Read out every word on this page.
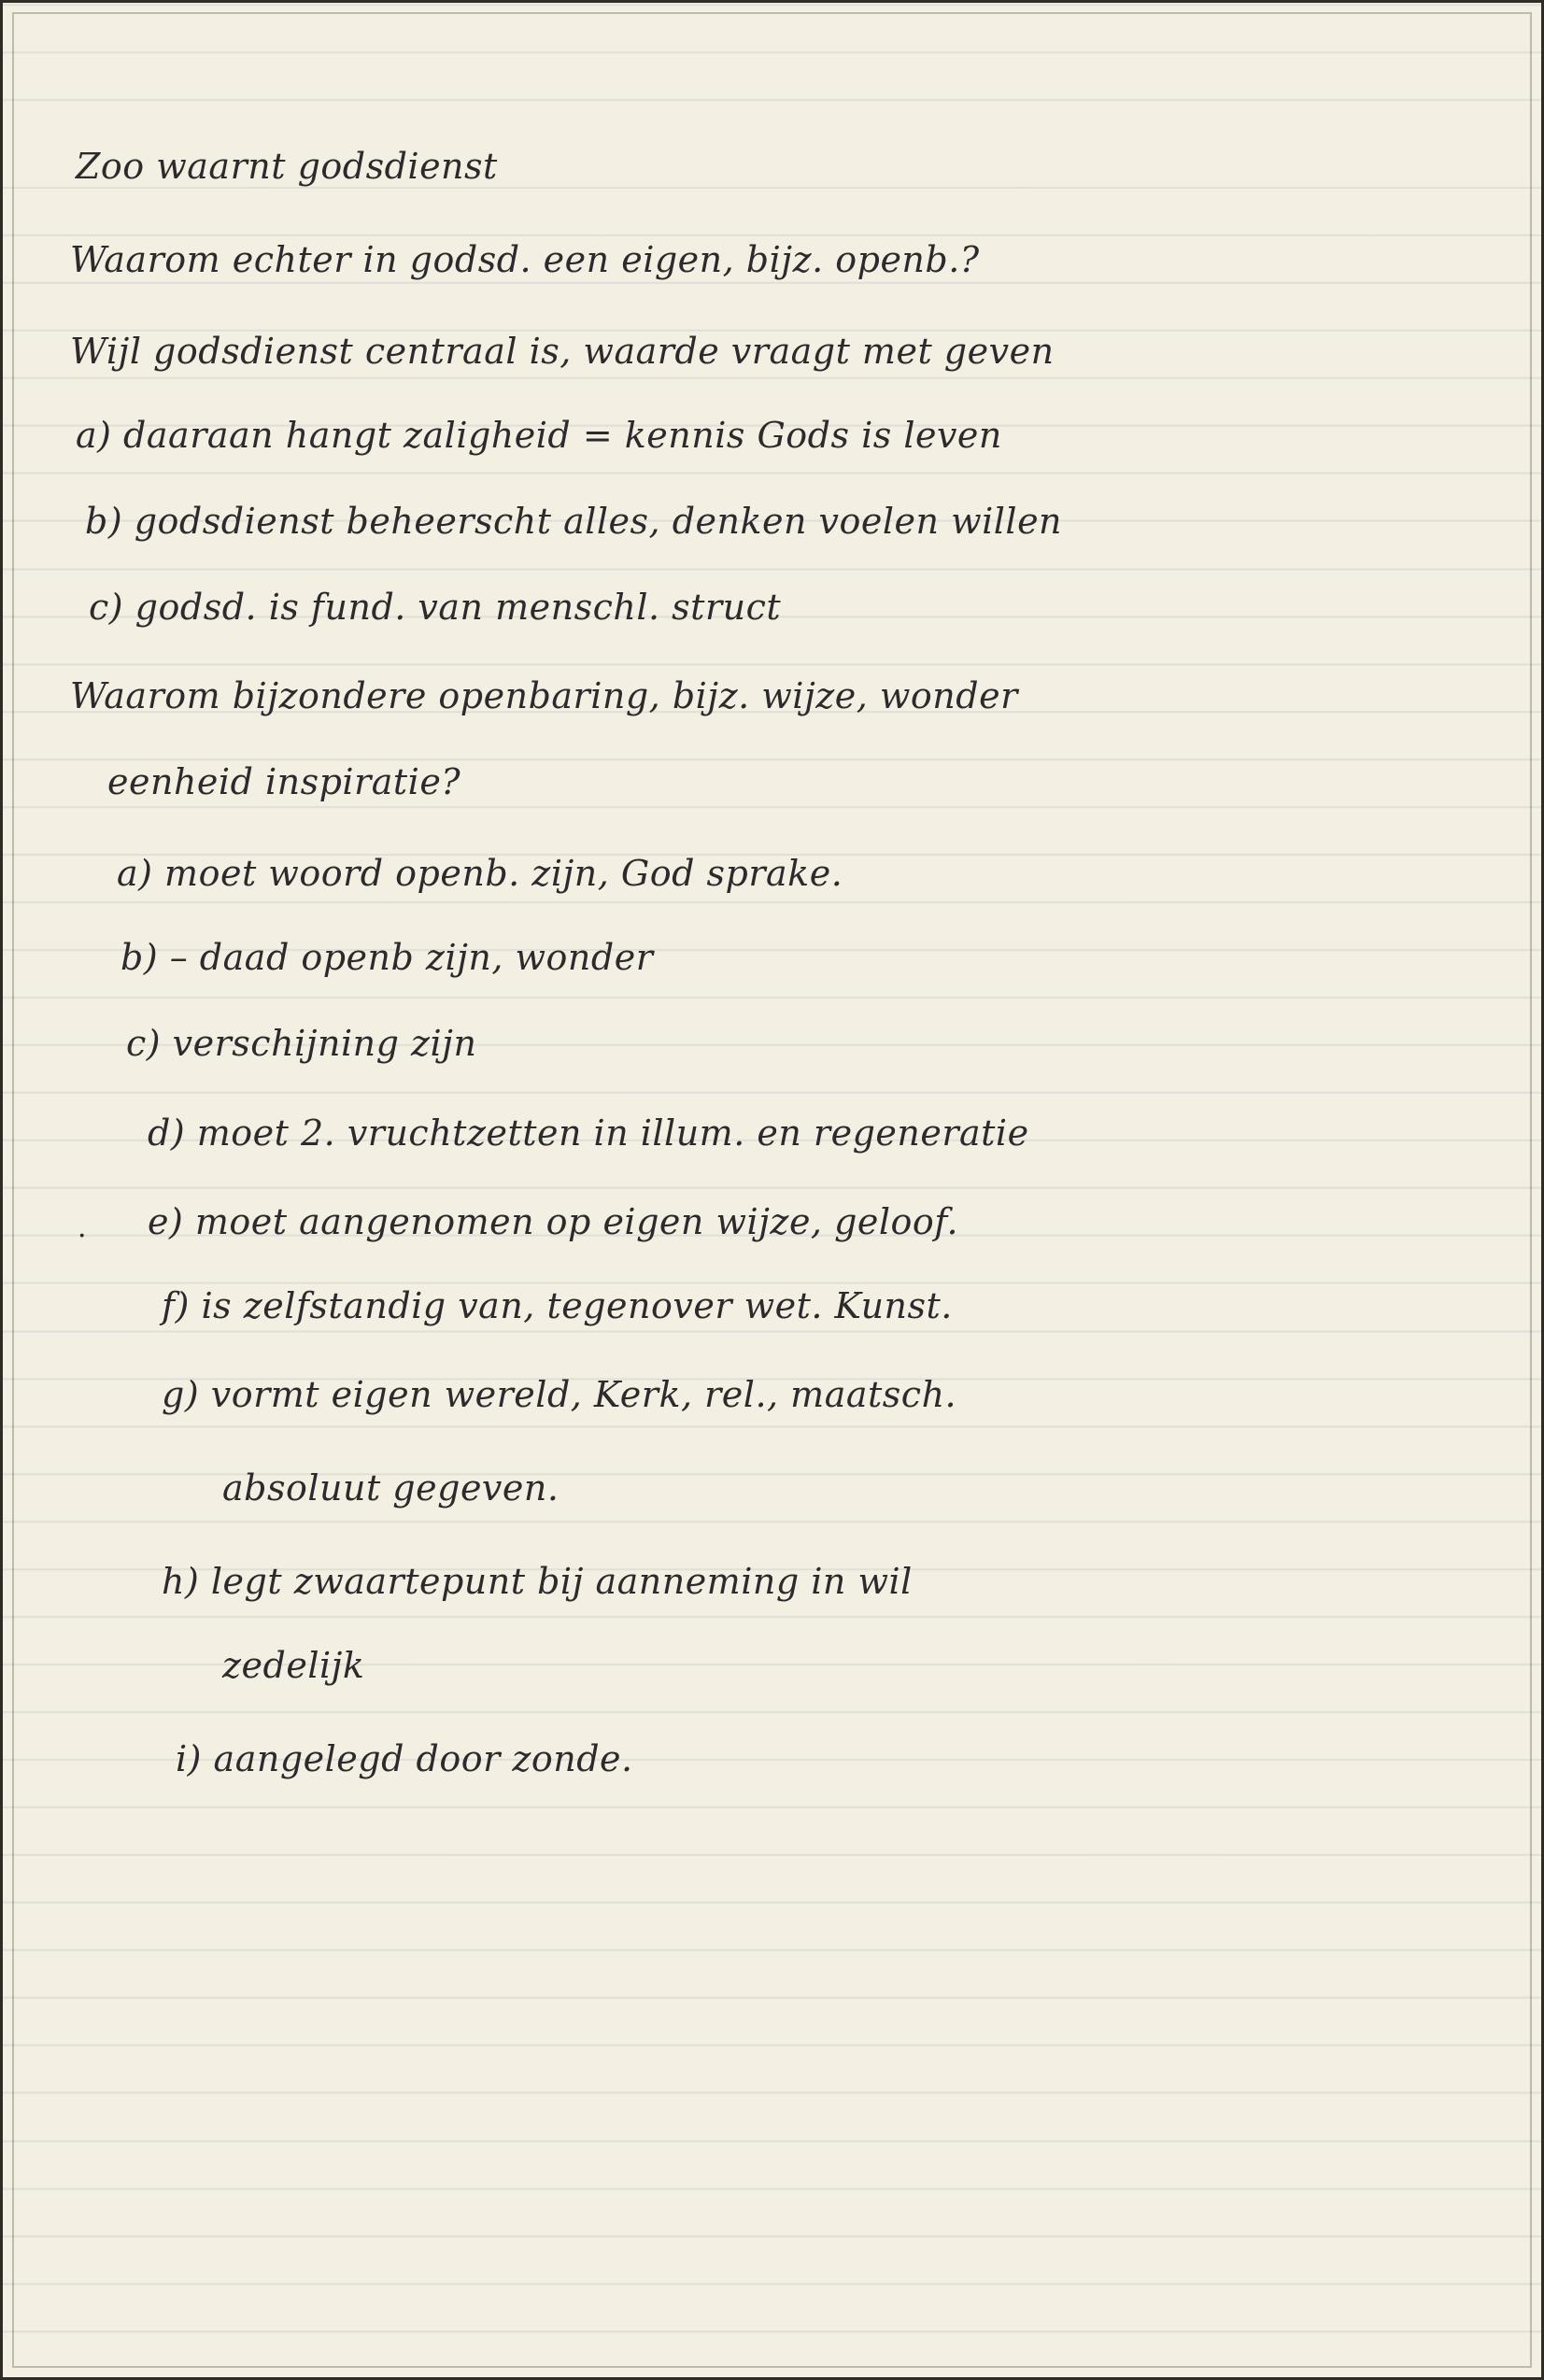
Zoo waarnt godsdienst

Waarom echter in godsd. een eigen, bijz. openb.?

Wijl godsdienst centraal is, waarde vraagt met geven

a) daaraan hangt zaligheid = kennis Gods is leven

b) godsdienst beheerscht alles, denken voelen willen

c) godsd. is fund. van menschl. struct

Waarom bijzondere openbaring, bijz. wijze, wonder

eenheid inspiratie?

a) moet woord openb. zijn, God sprake.

b) – daad openb zijn, wonder

c) verschijning zijn

d) moet 2. vruchtzetten in illum. en regeneratie

e) moet aangenomen op eigen wijze, geloof.

f) is zelfstandig van, tegenover wet. Kunst.

g) vormt eigen wereld, Kerk, rel., maatsch.

absoluut gegeven.

h) legt zwaartepunt bij aanneming in wil

zedelijk

i) aangelegd door zonde.

·
